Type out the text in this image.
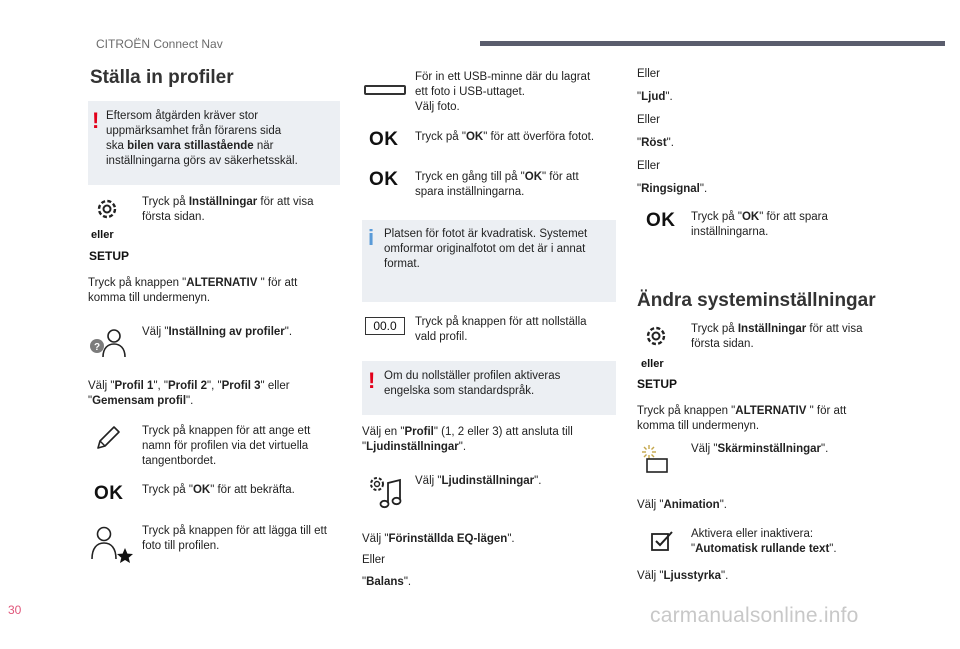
CITROËN Connect Nav
Ställa in profiler
! Eftersom åtgärden kräver stor
uppmärksamhet från förarens sida
ska bilen vara stillastående när
inställningarna görs av säkerhetsskäl.
eller
SETUP
Tryck på Inställningar för att visa
första sidan.
Tryck på knappen "ALTERNATIV " för att
komma till undermenyn.
?
Välj "Inställning av profiler".
Välj "Profil 1", "Profil 2", "Profil 3" eller
"Gemensam profil".
Tryck på knappen för att ange ett
namn för profilen via det virtuella
tangentbordet.
OK Tryck på "OK" för att bekräfta.
Tryck på knappen för att lägga till ett
foto till profilen.
För in ett USB-minne där du lagrat
ett foto i USB-uttaget.
Välj foto.
OK Tryck på "OK" för att överföra fotot.
OK Tryck en gång till på "OK" för att
spara inställningarna.
i Platsen för fotot är kvadratisk. Systemet
omformar originalfotot om det är i annat
format.
00.0	Tryck på knappen för att nollställa
vald profil.
! Om du nollställer profilen aktiveras
engelska som standardspråk.
Välj en "Profil" (1, 2 eller 3) att ansluta till
"Ljudinställningar".
Välj "Ljudinställningar".
Välj "Förinställda EQ-lägen".
Eller
"Balans".
Eller
"Ljud".
Eller
"Röst".
Eller
"Ringsignal".
OK Tryck på "OK" för att spara
inställningarna.
Ändra systeminställningar
eller
SETUP
Tryck på Inställningar för att visa
första sidan.
Tryck på knappen "ALTERNATIV " för att
komma till undermenyn.
Välj "Skärminställningar".
Välj "Animation".
Aktivera eller inaktivera:
"Automatisk rullande text".
Välj "Ljusstyrka".
30	carmanualsonline.info
